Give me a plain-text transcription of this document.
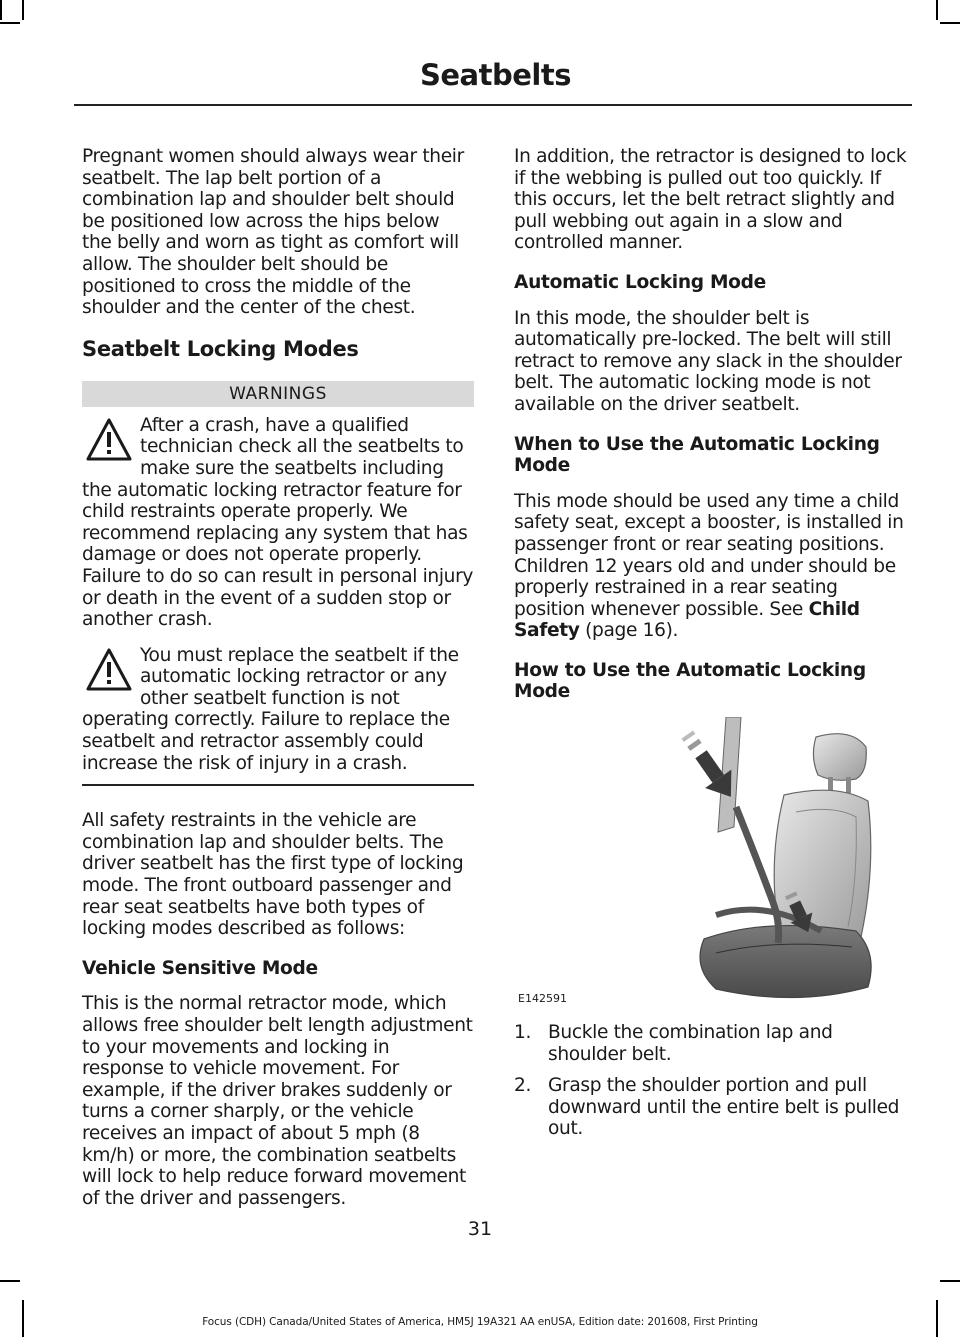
Seatbelts

Pregnant women should always wear their seatbelt. The lap belt portion of a combination lap and shoulder belt should be positioned low across the hips below the belly and worn as tight as comfort will allow. The shoulder belt should be positioned to cross the middle of the shoulder and the center of the chest.

Seatbelt Locking Modes
WARNINGS
After a crash, have a qualified technician check all the seatbelts to make sure the seatbelts including the automatic locking retractor feature for child restraints operate properly. We recommend replacing any system that has damage or does not operate properly. Failure to do so can result in personal injury or death in the event of a sudden stop or another crash.
You must replace the seatbelt if the automatic locking retractor or any other seatbelt function is not operating correctly. Failure to replace the seatbelt and retractor assembly could increase the risk of injury in a crash.

All safety restraints in the vehicle are combination lap and shoulder belts. The driver seatbelt has the first type of locking mode. The front outboard passenger and rear seat seatbelts have both types of locking modes described as follows:

Vehicle Sensitive Mode

This is the normal retractor mode, which allows free shoulder belt length adjustment to your movements and locking in response to vehicle movement. For example, if the driver brakes suddenly or turns a corner sharply, or the vehicle receives an impact of about 5 mph (8 km/h) or more, the combination seatbelts will lock to help reduce forward movement of the driver and passengers.

In addition, the retractor is designed to lock if the webbing is pulled out too quickly. If this occurs, let the belt retract slightly and pull webbing out again in a slow and controlled manner.

Automatic Locking Mode

In this mode, the shoulder belt is automatically pre-locked. The belt will still retract to remove any slack in the shoulder belt. The automatic locking mode is not available on the driver seatbelt.

When to Use the Automatic Locking Mode

This mode should be used any time a child safety seat, except a booster, is installed in passenger front or rear seating positions. Children 12 years old and under should be properly restrained in a rear seating position whenever possible. See Child Safety (page 16).

How to Use the Automatic Locking Mode
E142591
1. Buckle the combination lap and shoulder belt.
2. Grasp the shoulder portion and pull downward until the entire belt is pulled out.
31
Focus (CDH) Canada/United States of America, HM5J 19A321 AA enUSA, Edition date: 201608, First Printing
